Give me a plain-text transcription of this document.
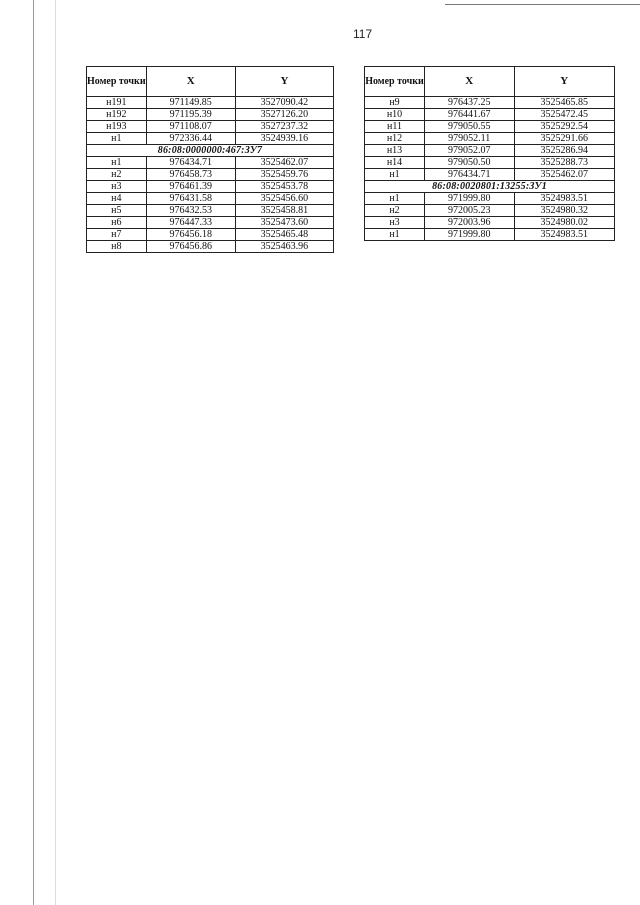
117
Номер точки	X	Y
н191	971149.85	3527090.42
н192	971195.39	3527126.20
н193	971108.07	3527237.32
н1	972336.44	3524939.16
86:08:0000000:467:ЗУ7		
н1	976434.71	3525462.07
н2	976458.73	3525459.76
н3	976461.39	3525453.78
н4	976431.58	3525456.60
н5	976432.53	3525458.81
н6	976447.33	3525473.60
н7	976456.18	3525465.48
н8	976456.86	3525463.96
Номер точки	X	Y
н9	976437.25	3525465.85
н10	976441.67	3525472.45
н11	979050.55	3525292.54
н12	979052.11	3525291.66
н13	979052.07	3525286.94
н14	979050.50	3525288.73
н1	976434.71	3525462.07
86:08:0020801:13255:ЗУ1		
н1	971999.80	3524983.51
н2	972005.23	3524980.32
н3	972003.96	3524980.02
н1	971999.80	3524983.51
